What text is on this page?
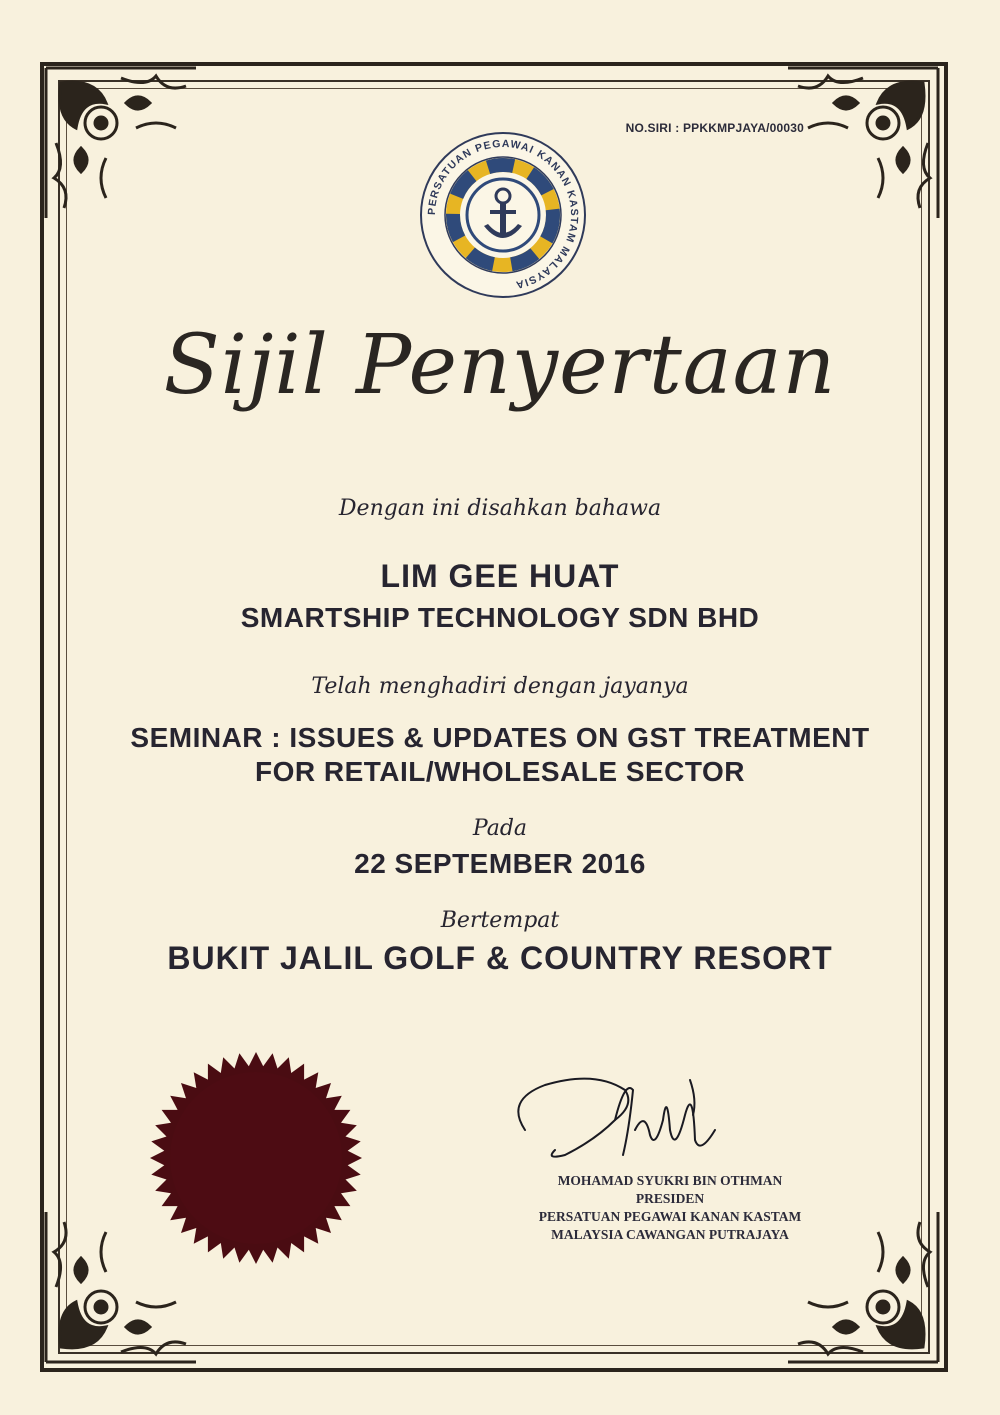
NO.SIRI : PPKKMPJAYA/00030
PERSATUAN PEGAWAI KANAN KASTAM MALAYSIA
Sijil Penyertaan
Dengan ini disahkan bahawa
LIM GEE HUAT
SMARTSHIP TECHNOLOGY SDN BHD
Telah menghadiri dengan jayanya
SEMINAR : ISSUES & UPDATES ON GST TREATMENT
FOR RETAIL/WHOLESALE SECTOR
Pada
22 SEPTEMBER 2016
Bertempat
BUKIT JALIL GOLF & COUNTRY RESORT
MOHAMAD SYUKRI BIN OTHMAN
PRESIDEN
PERSATUAN PEGAWAI KANAN KASTAM
MALAYSIA CAWANGAN PUTRAJAYA
